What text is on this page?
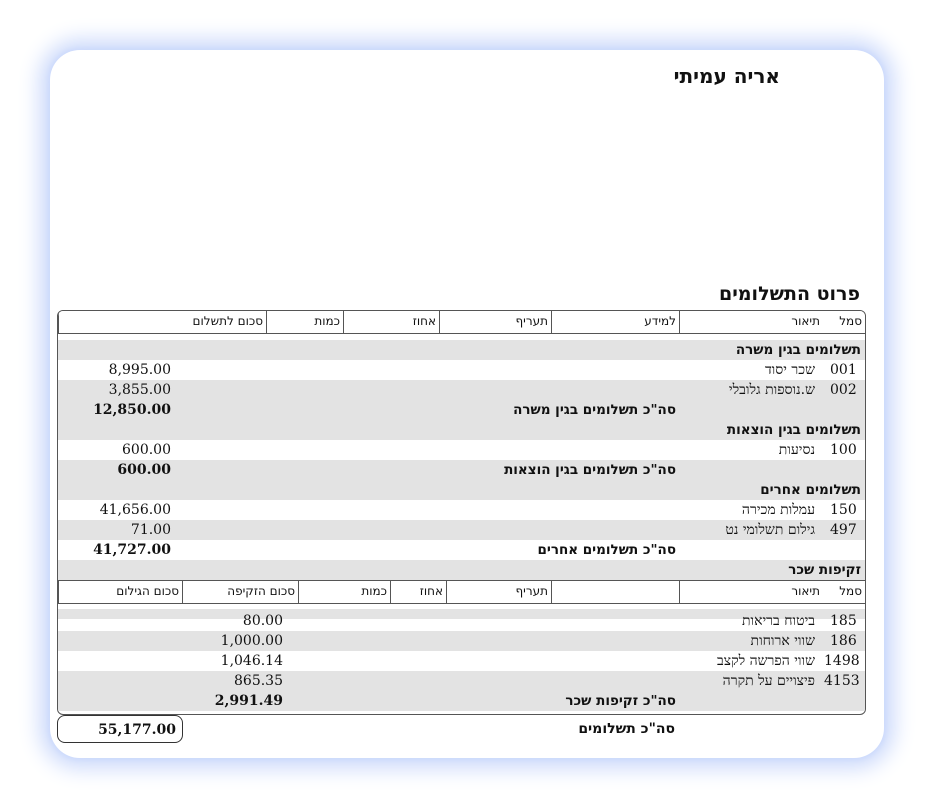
אריה עמיתי
פרוט התשלומים
סמל
תיאור
למידע
תעריף
אחוז
כמות
סכום לתשלום
תשלומים בגין משרה
001
שכר יסוד
8,995.00
002
ש.נוספות גלובלי
3,855.00
סה"כ תשלומים בגין משרה
12,850.00
תשלומים בגין הוצאות
100
נסיעות
600.00
סה"כ תשלומים בגין הוצאות
600.00
תשלומים אחרים
150
עמלות מכירה
41,656.00
497
גילום תשלומי נט
71.00
סה"כ תשלומים אחרים
41,727.00
זקיפות שכר
סמל
תיאור
תעריף
אחוז
כמות
סכום הזקיפה
סכום הגילום
185
ביטוח בריאות
80.00
186
שווי ארוחות
1,000.00
1498
שווי הפרשה לקצב
1,046.14
4153
פיצויים על תקרה
865.35
סה"כ זקיפות שכר
2,991.49
55,177.00	סה"כ תשלומים
